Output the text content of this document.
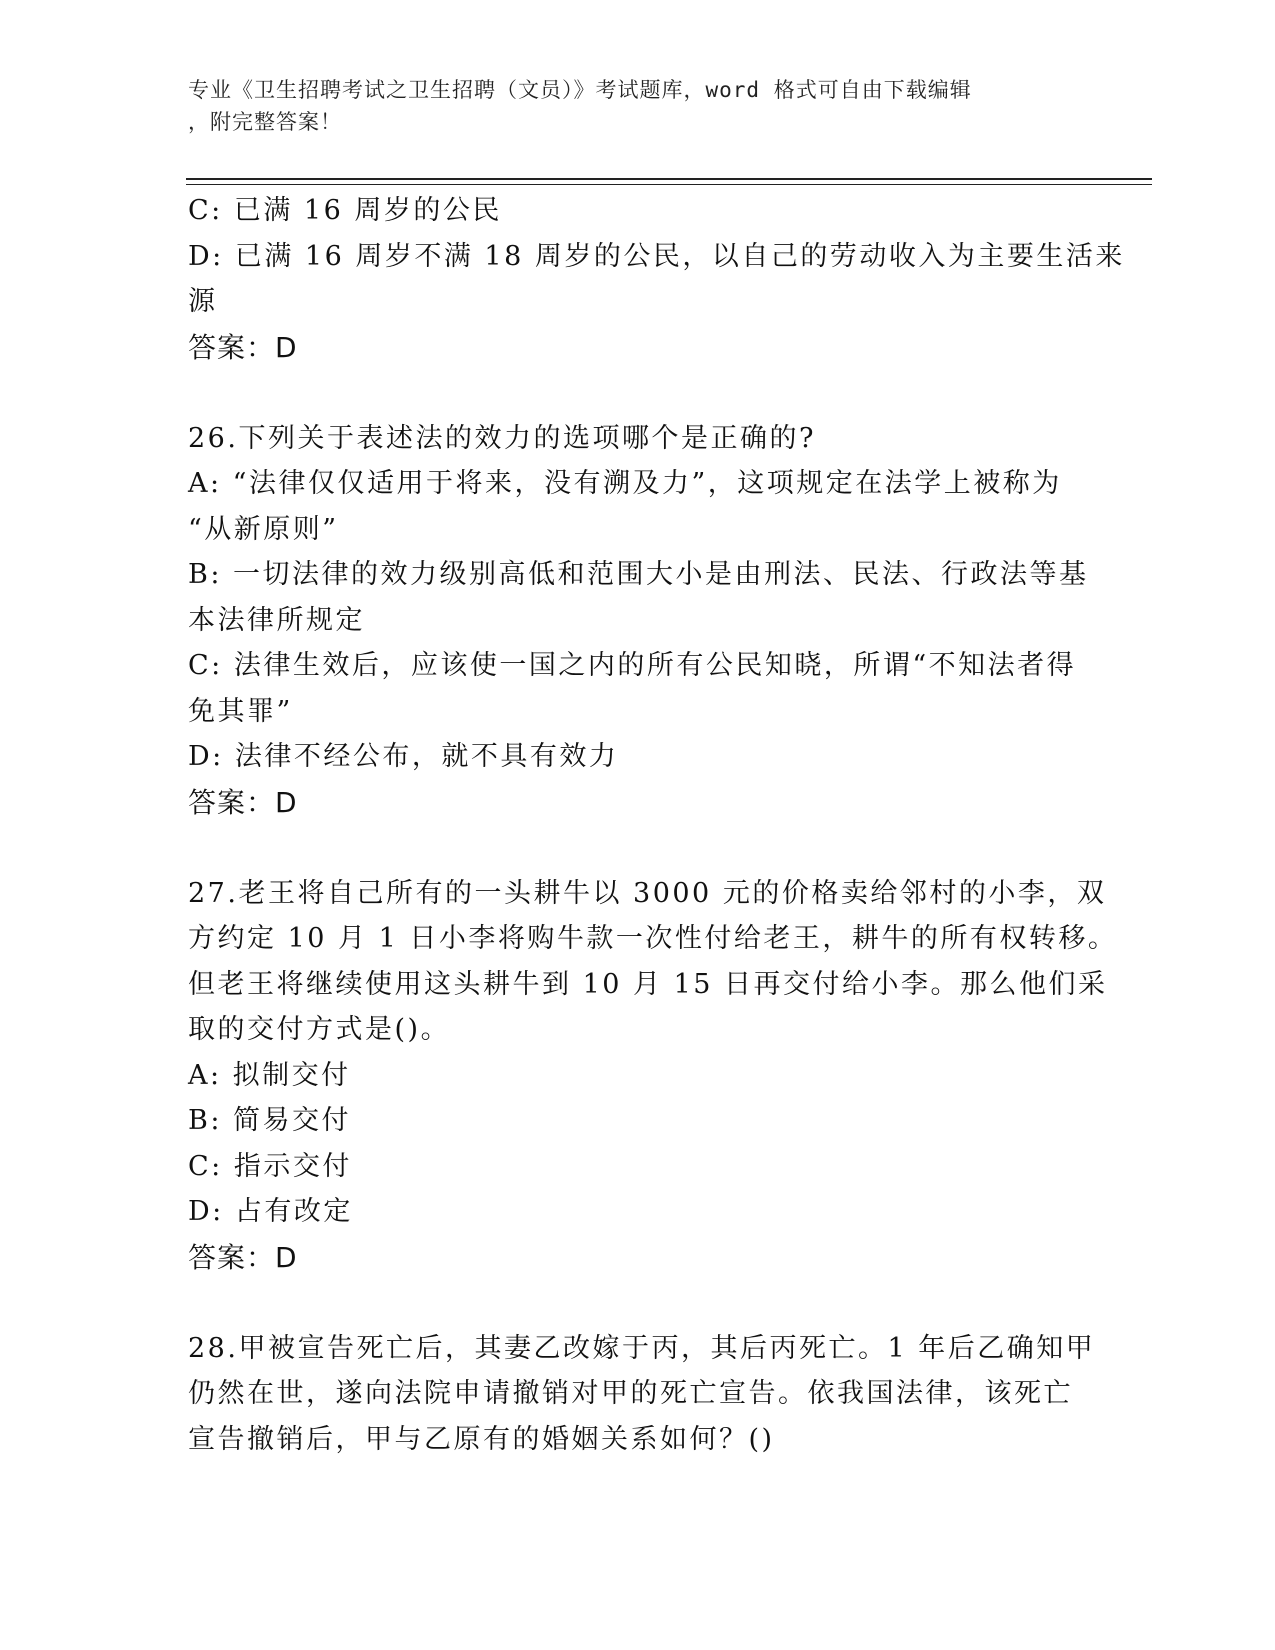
专业《卫生招聘考试之卫生招聘（文员）》考试题库，word 格式可自由下载编辑
，附完整答案！
C: 已满 16 周岁的公民
D: 已满 16 周岁不满 18 周岁的公民，以自己的劳动收入为主要生活来
源
答案：D
26.下列关于表述法的效力的选项哪个是正确的?
A: “法律仅仅适用于将来，没有溯及力”，这项规定在法学上被称为
“从新原则”
B: 一切法律的效力级别高低和范围大小是由刑法、民法、行政法等基
本法律所规定
C: 法律生效后，应该使一国之内的所有公民知晓，所谓“不知法者得
免其罪”
D: 法律不经公布，就不具有效力
答案：D
27.老王将自己所有的一头耕牛以 3000 元的价格卖给邻村的小李，双
方约定 10 月 1 日小李将购牛款一次性付给老王，耕牛的所有权转移。
但老王将继续使用这头耕牛到 10 月 15 日再交付给小李。那么他们采
取的交付方式是()。
A: 拟制交付
B: 简易交付
C: 指示交付
D: 占有改定
答案：D
28.甲被宣告死亡后，其妻乙改嫁于丙，其后丙死亡。1 年后乙确知甲
仍然在世，遂向法院申请撤销对甲的死亡宣告。依我国法律，该死亡
宣告撤销后，甲与乙原有的婚姻关系如何？()
